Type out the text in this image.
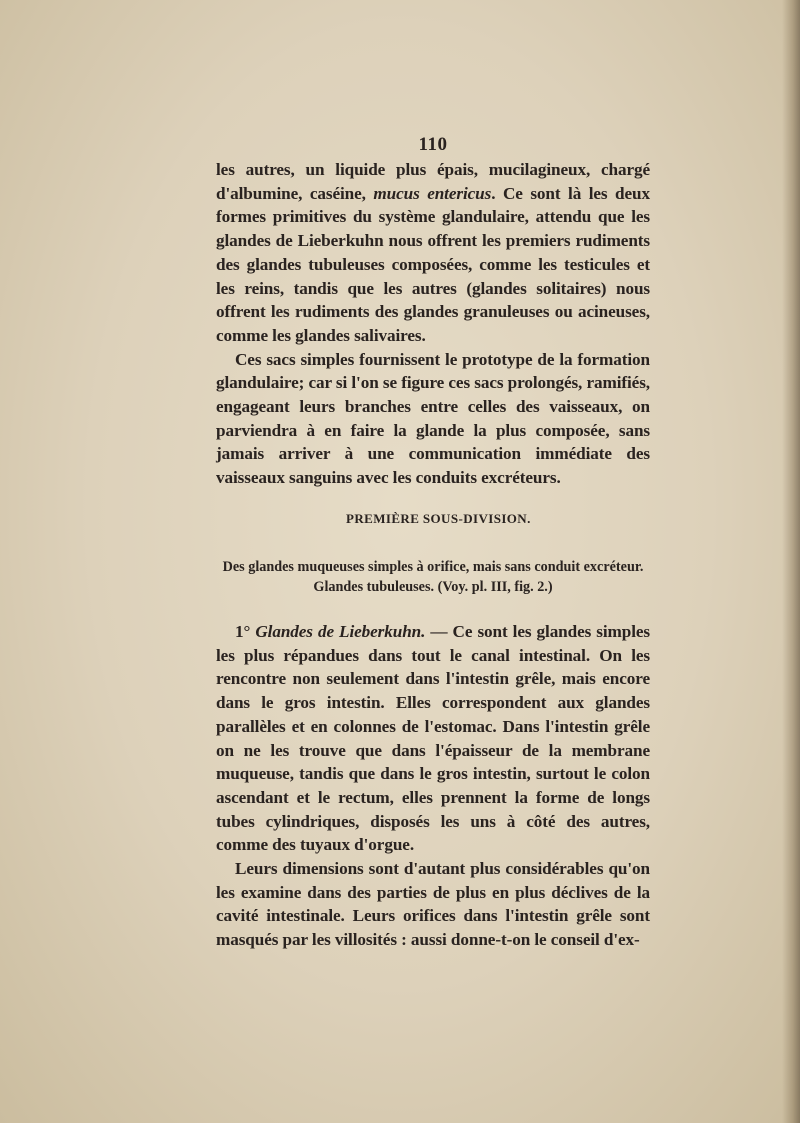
110

les autres, un liquide plus épais, mucilagineux, chargé d'albumine, caséine, mucus entericus. Ce sont là les deux formes primitives du système glandulaire, attendu que les glandes de Lieberkuhn nous offrent les premiers rudiments des glandes tubuleuses composées, comme les testicules et les reins, tandis que les autres (glandes solitaires) nous offrent les rudiments des glandes granuleuses ou acineuses, comme les glandes salivaires.

Ces sacs simples fournissent le prototype de la formation glandulaire; car si l'on se figure ces sacs prolongés, ramifiés, engageant leurs branches entre celles des vaisseaux, on parviendra à en faire la glande la plus composée, sans jamais arriver à une communication immédiate des vaisseaux sanguins avec les conduits excréteurs.

PREMIÈRE SOUS-DIVISION.
Des glandes muqueuses simples à orifice, mais sans conduit excréteur.
Glandes tubuleuses. (Voy. pl. III, fig. 2.)

1° Glandes de Lieberkuhn. — Ce sont les glandes simples les plus répandues dans tout le canal intestinal. On les rencontre non seulement dans l'intestin grêle, mais encore dans le gros intestin. Elles correspondent aux glandes parallèles et en colonnes de l'estomac. Dans l'intestin grêle on ne les trouve que dans l'épaisseur de la membrane muqueuse, tandis que dans le gros intestin, surtout le colon ascendant et le rectum, elles prennent la forme de longs tubes cylindriques, disposés les uns à côté des autres, comme des tuyaux d'orgue.

Leurs dimensions sont d'autant plus considérables qu'on les examine dans des parties de plus en plus déclives de la cavité intestinale. Leurs orifices dans l'intestin grêle sont masqués par les villosités : aussi donne-t-on le conseil d'ex-
